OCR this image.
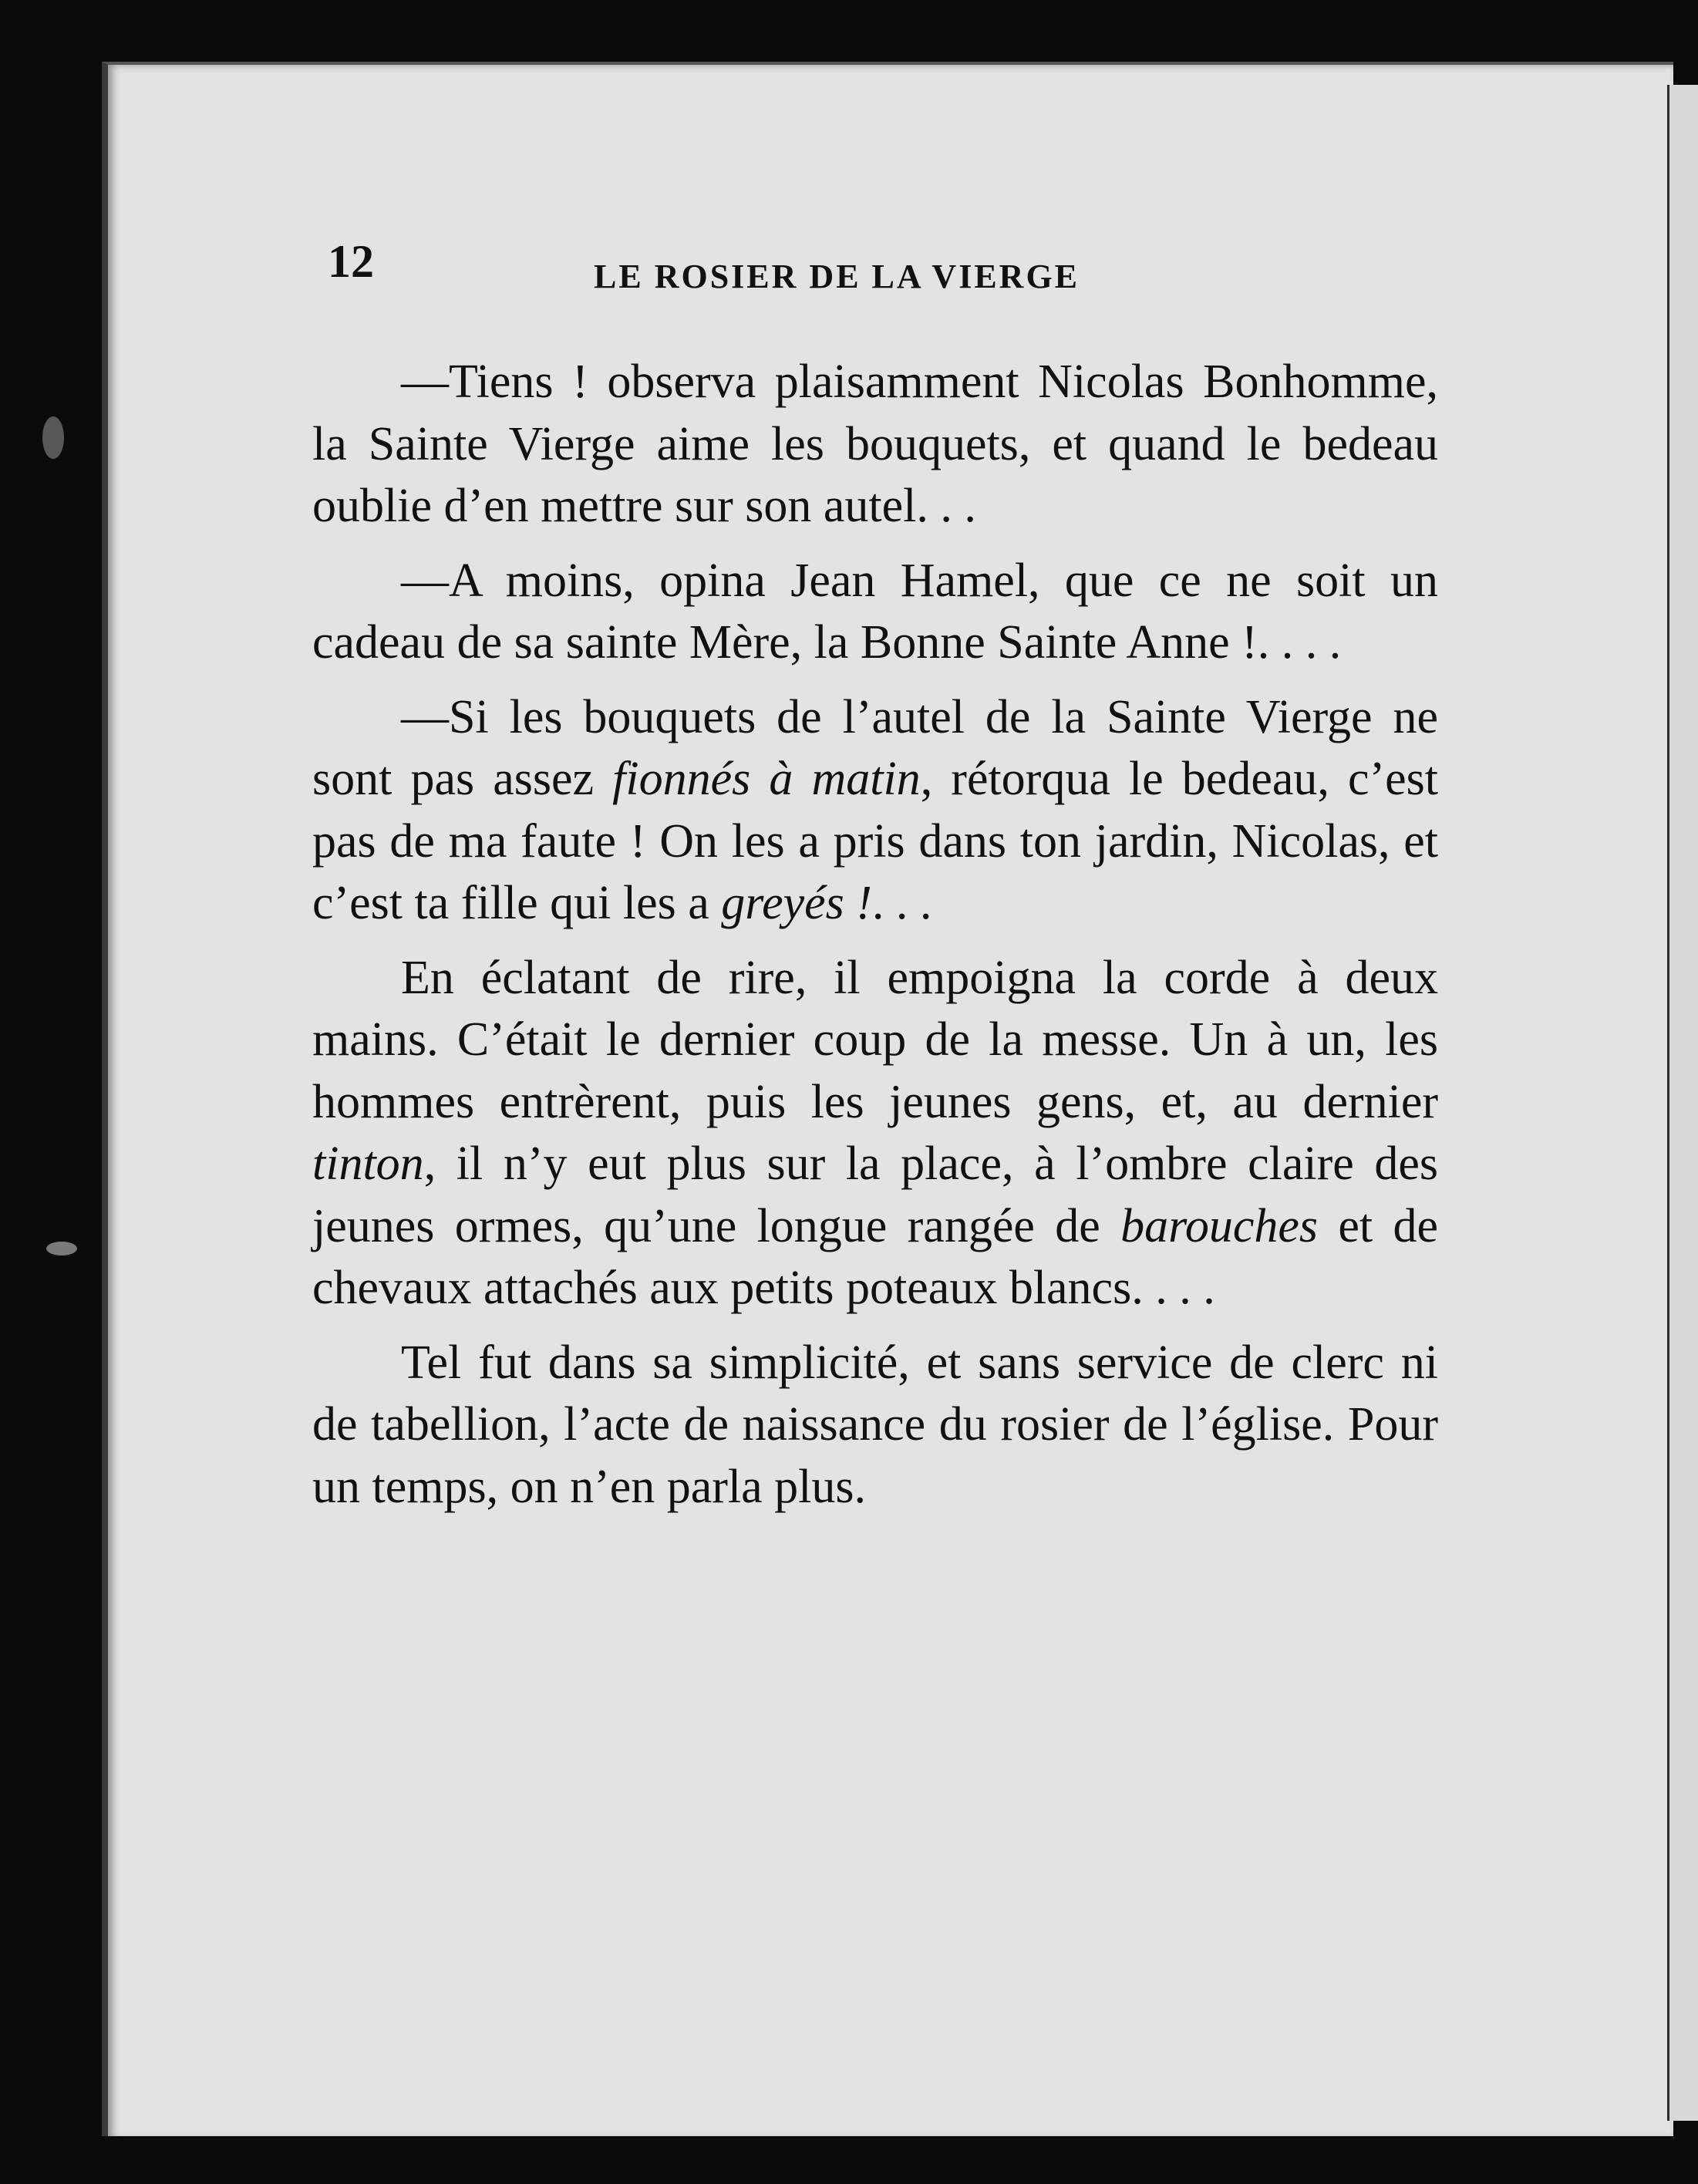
12	LE ROSIER DE LA VIERGE

—Tiens ! observa plaisamment Nicolas Bonhomme, la Sainte Vierge aime les bouquets, et quand le bedeau oublie d’en mettre sur son autel. . .

—A moins, opina Jean Hamel, que ce ne soit un cadeau de sa sainte Mère, la Bonne Sainte Anne !. . . .

—Si les bouquets de l’autel de la Sainte Vierge ne sont pas assez fionnés à matin, rétorqua le bedeau, c’est pas de ma faute ! On les a pris dans ton jardin, Nicolas, et c’est ta fille qui les a greyés !. . .

En éclatant de rire, il empoigna la corde à deux mains. C’était le dernier coup de la messe. Un à un, les hommes entrèrent, puis les jeunes gens, et, au dernier tinton, il n’y eut plus sur la place, à l’ombre claire des jeunes ormes, qu’une longue rangée de barouches et de chevaux attachés aux petits poteaux blancs. . . .

Tel fut dans sa simplicité, et sans service de clerc ni de tabellion, l’acte de naissance du rosier de l’église. Pour un temps, on n’en parla plus.
